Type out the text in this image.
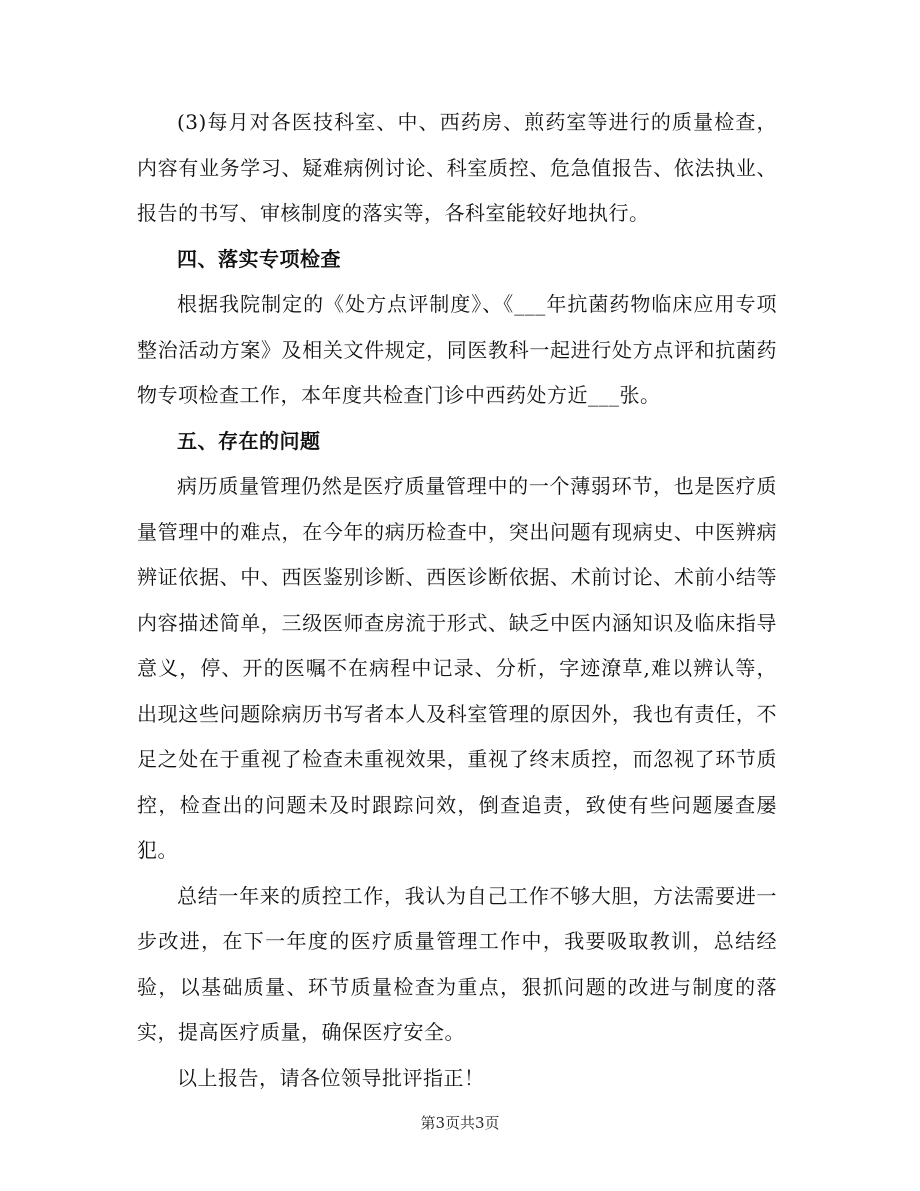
(3)每月对各医技科室、中、西药房、煎药室等进行的质量检查，内容有业务学习、疑难病例讨论、科室质控、危急值报告、依法执业、报告的书写、审核制度的落实等，各科室能较好地执行。

四、落实专项检查

根据我院制定的《处方点评制度》、《___年抗菌药物临床应用专项整治活动方案》及相关文件规定，同医教科一起进行处方点评和抗菌药物专项检查工作，本年度共检查门诊中西药处方近___张。

五、存在的问题

病历质量管理仍然是医疗质量管理中的一个薄弱环节，也是医疗质量管理中的难点，在今年的病历检查中，突出问题有现病史、中医辨病辨证依据、中、西医鉴别诊断、西医诊断依据、术前讨论、术前小结等内容描述简单，三级医师查房流于形式、缺乏中医内涵知识及临床指导意义，停、开的医嘱不在病程中记录、分析，字迹潦草,难以辨认等，出现这些问题除病历书写者本人及科室管理的原因外，我也有责任，不足之处在于重视了检查未重视效果，重视了终末质控，而忽视了环节质控，检查出的问题未及时跟踪问效，倒查追责，致使有些问题屡查屡犯。

总结一年来的质控工作，我认为自己工作不够大胆，方法需要进一步改进，在下一年度的医疗质量管理工作中，我要吸取教训，总结经验，以基础质量、环节质量检查为重点，狠抓问题的改进与制度的落实，提高医疗质量，确保医疗安全。

以上报告，请各位领导批评指正！

第3页共3页
